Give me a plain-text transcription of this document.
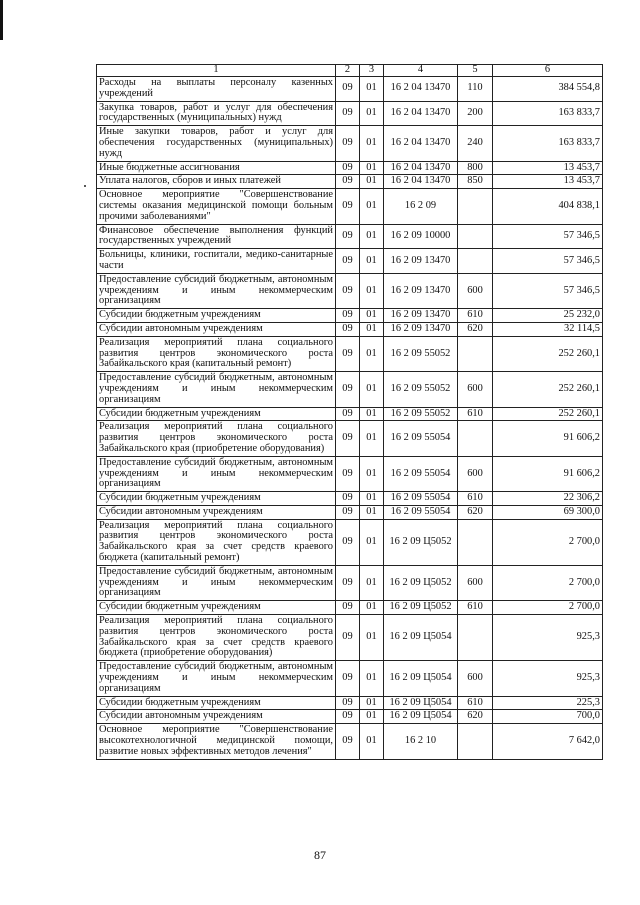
1	2	3	4	5	6
Расходы на выплаты персоналу казенных учреждений	09	01	16 2 04 13470	110	384 554,8
Закупка товаров, работ и услуг для обеспечения государственных (муниципальных) нужд	09	01	16 2 04 13470	200	163 833,7
Иные закупки товаров, работ и услуг для обеспечения государственных (муниципальных) нужд	09	01	16 2 04 13470	240	163 833,7
Иные бюджетные ассигнования	09	01	16 2 04 13470	800	13 453,7
Уплата налогов, сборов и иных платежей	09	01	16 2 04 13470	850	13 453,7
Основное мероприятие "Совершенствование системы оказания медицинской помощи больным прочими заболеваниями"	09	01	16 2 09		404 838,1
Финансовое обеспечение выполнения функций государственных учреждений	09	01	16 2 09 10000		57 346,5
Больницы, клиники, госпитали, медико-санитарные части	09	01	16 2 09 13470		57 346,5
Предоставление субсидий бюджетным, автономным учреждениям и иным некоммерческим организациям	09	01	16 2 09 13470	600	57 346,5
Субсидии бюджетным учреждениям	09	01	16 2 09 13470	610	25 232,0
Субсидии автономным учреждениям	09	01	16 2 09 13470	620	32 114,5
Реализация мероприятий плана социального развития центров экономического роста Забайкальского края (капитальный ремонт)	09	01	16 2 09 55052		252 260,1
Предоставление субсидий бюджетным, автономным учреждениям и иным некоммерческим организациям	09	01	16 2 09 55052	600	252 260,1
Субсидии бюджетным учреждениям	09	01	16 2 09 55052	610	252 260,1
Реализация мероприятий плана социального развития центров экономического роста Забайкальского края (приобретение оборудования)	09	01	16 2 09 55054		91 606,2
Предоставление субсидий бюджетным, автономным учреждениям и иным некоммерческим организациям	09	01	16 2 09 55054	600	91 606,2
Субсидии бюджетным учреждениям	09	01	16 2 09 55054	610	22 306,2
Субсидии автономным учреждениям	09	01	16 2 09 55054	620	69 300,0
Реализация мероприятий плана социального развития центров экономического роста Забайкальского края за счет средств краевого бюджета (капитальный ремонт)	09	01	16 2 09 Ц5052		2 700,0
Предоставление субсидий бюджетным, автономным учреждениям и иным некоммерческим организациям	09	01	16 2 09 Ц5052	600	2 700,0
Субсидии бюджетным учреждениям	09	01	16 2 09 Ц5052	610	2 700,0
Реализация мероприятий плана социального развития центров экономического роста Забайкальского края за счет средств краевого бюджета (приобретение оборудования)	09	01	16 2 09 Ц5054		925,3
Предоставление субсидий бюджетным, автономным учреждениям и иным некоммерческим организациям	09	01	16 2 09 Ц5054	600	925,3
Субсидии бюджетным учреждениям	09	01	16 2 09 Ц5054	610	225,3
Субсидии автономным учреждениям	09	01	16 2 09 Ц5054	620	700,0
Основное мероприятие "Совершенствование высокотехнологичной медицинской помощи, развитие новых эффективных методов лечения"	09	01	16 2 10		7 642,0
87
